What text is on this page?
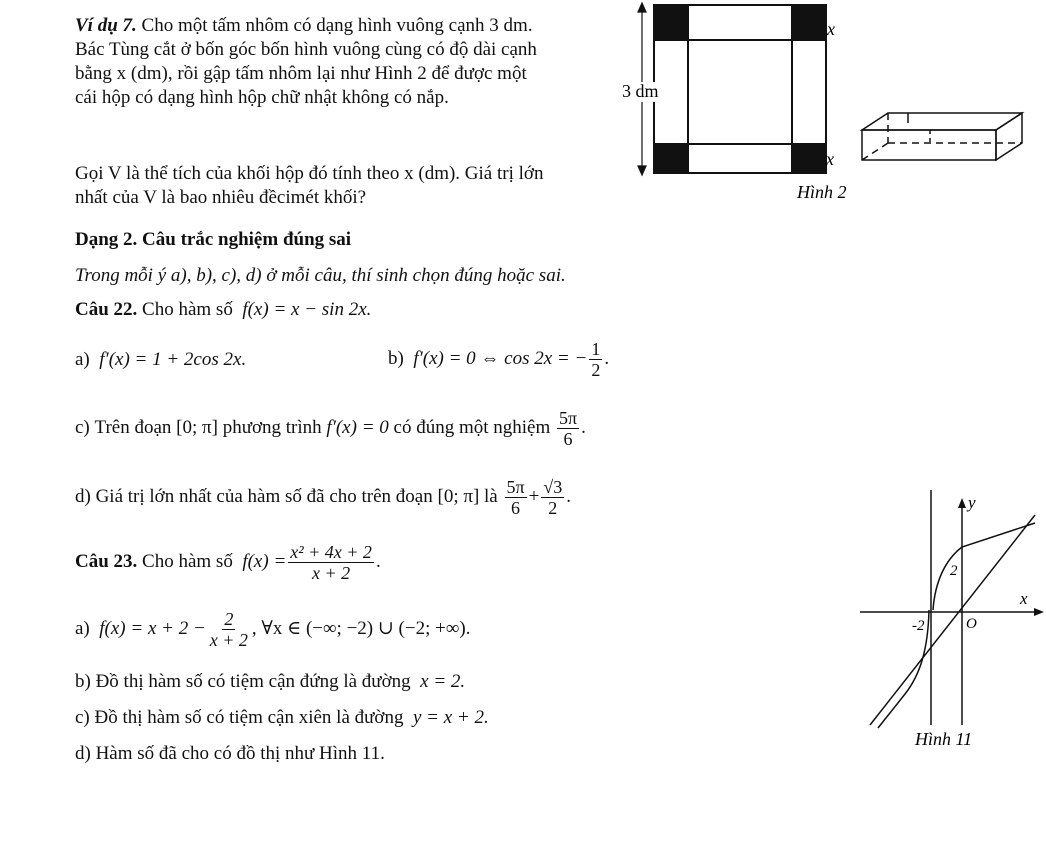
Ví dụ 7. Cho một tấm nhôm có dạng hình vuông cạnh 3 dm.
Bác Tùng cắt ở bốn góc bốn hình vuông cùng có độ dài cạnh
bằng x (dm), rồi gập tấm nhôm lại như Hình 2 để được một
cái hộp có dạng hình hộp chữ nhật không có nắp.
Gọi V là thể tích của khối hộp đó tính theo x (dm). Giá trị lớn
nhất của V là bao nhiêu đềcimét khối?
3 dm
x
x
Hình 2
Dạng 2. Câu trắc nghiệm đúng sai
Trong mỗi ý a), b), c), d) ở mỗi câu, thí sinh chọn đúng hoặc sai.
Câu 22. Cho hàm số f(x) = x − sin 2x.
a) f′(x) = 1 + 2cos 2x.	b)
f′(x) = 0 ⇔ cos 2x = − $\frac{1}{2}$ .
c)
Trên đoạn
[0; π]
phương trình
f′(x) = 0
có đúng một nghiệm
$\frac{5\pi}{6}$ .
d)
Giá trị lớn nhất của hàm số đã cho trên đoạn
[0; π]
là
$\frac{5\pi}{6} + \frac{√3}{2}$ .
Câu 23.
Cho hàm số
$f(x) = \frac{\text{x² + 4x + 2}}{x + 2}$ .
a)
$f(x) = x + 2 - \frac{2}{x + 2}$ , ∀x ∈ (−∞; −2) ∪ (−2; +∞).
b) Đồ thị hàm số có tiệm cận đứng là đường x = 2.
c) Đồ thị hàm số có tiệm cận xiên là đường y = x + 2.
d) Hàm số đã cho có đồ thị như Hình 11.
y
x
2
-2	O
Hình 11
